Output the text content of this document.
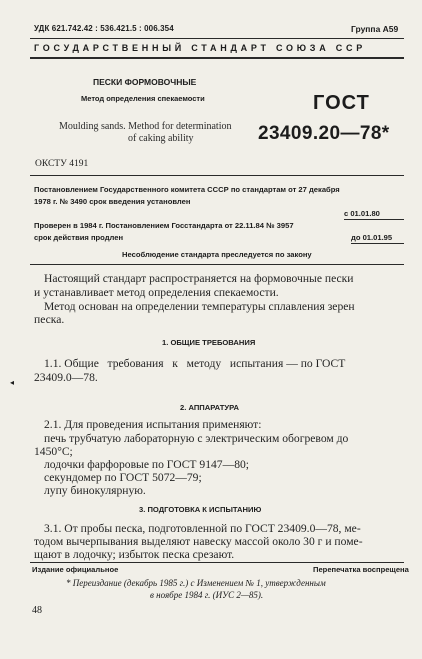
УДК 621.742.42 : 536.421.5 : 006.354	Группа А59
ГОСУДАРСТВЕННЫЙ СТАНДАРТ СОЮЗА ССР
ПЕСКИ ФОРМОВОЧНЫЕ
Метод определения спекаемости	ГОСТ
Moulding sands. Method for determination
of caking ability	23409.20—78*
ОКСТУ 4191
Постановлением Государственного комитета СССР по стандартам от 27 декабря
1978 г. № 3490 срок введения установлен
с 01.01.80
Проверен в 1984 г. Постановлением Госстандарта от 22.11.84 № 3957
срок действия продлен	до 01.01.95
Несоблюдение стандарта преследуется по закону
Настоящий стандарт распространяется на формовочные пески
и устанавливает метод определения спекаемости.
Метод основан на определении температуры сплавления зерен
песка.
1. ОБЩИЕ ТРЕБОВАНИЯ
1.1. Общие   требования   к   методу   испытания — по ГОСТ
23409.0—78.
◂
2. АППАРАТУРА
2.1. Для проведения испытания применяют:
печь трубчатую лабораторную с электрическим обогревом до
1450°С;
лодочки фарфоровые по ГОСТ 9147—80;
секундомер по ГОСТ 5072—79;
лупу бинокулярную.
3. ПОДГОТОВКА К ИСПЫТАНИЮ
3.1. От пробы песка, подготовленной по ГОСТ 23409.0—78, ме-
тодом вычерпывания выделяют навеску массой около 30 г и поме-
щают в лодочку; избыток песка срезают.
Издание официальное	Перепечатка воспрещена
* Переиздание (декабрь 1985 г.) с Изменением № 1, утвержденным
в ноябре 1984 г. (ИУС 2—85).
48
